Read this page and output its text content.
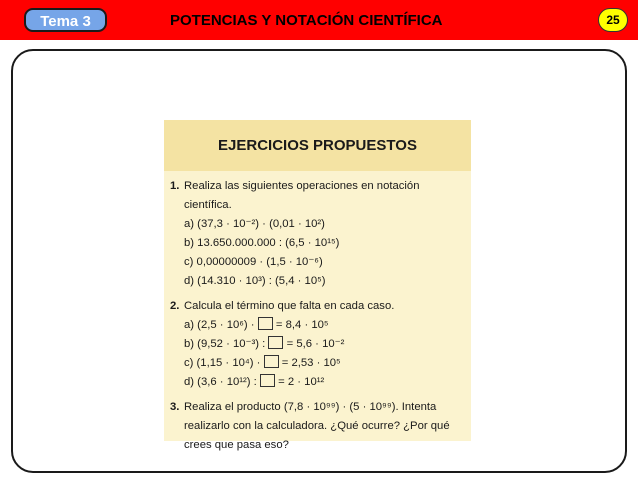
Tema 3	POTENCIAS Y NOTACIÓN CIENTÍFICA	25
EJERCICIOS PROPUESTOS
1. Realiza las siguientes operaciones en notación científica.
a) (37,3 · 10⁻²) · (0,01 · 10²)
b) 13.650.000.000 : (6,5 · 10¹⁵)
c) 0,00000009 · (1,5 · 10⁻⁶)
d) (14.310 · 10³) : (5,4 · 10⁵)
2. Calcula el término que falta en cada caso.
a) (2,5 · 10⁶) · = 8,4 · 10⁵
b) (9,52 · 10⁻³) : = 5,6 · 10⁻²
c) (1,15 · 10⁴) · = 2,53 · 10⁵
d) (3,6 · 10¹²) : = 2 · 10¹²
3. Realiza el producto (7,8 · 10⁹⁹) · (5 · 10⁹⁹). Intenta realizarlo con la calculadora. ¿Qué ocurre? ¿Por qué crees que pasa eso?
